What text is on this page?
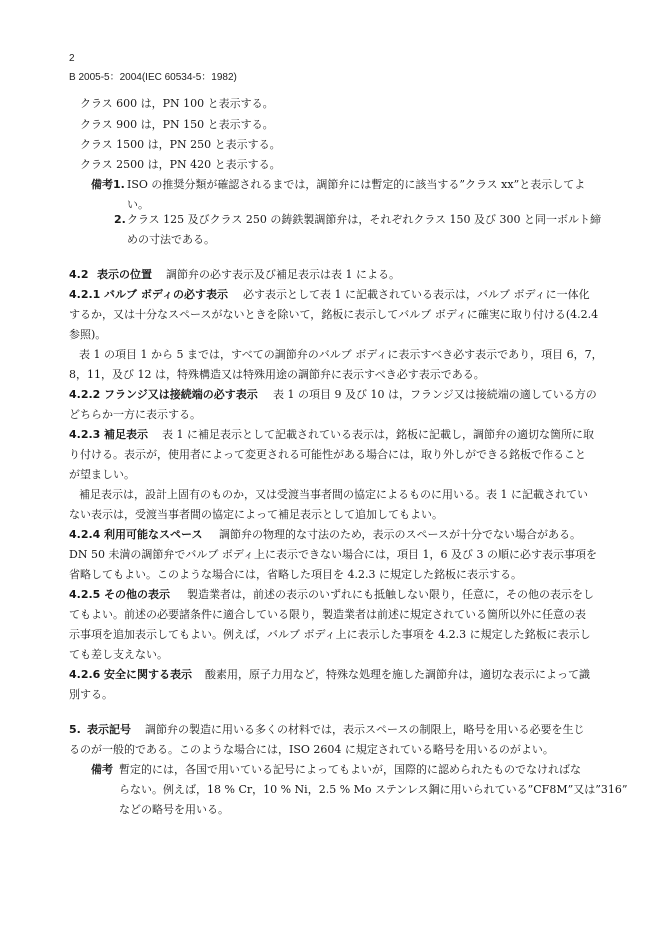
2
B 2005-5：2004(IEC 60534-5：1982)
クラス 600 は，PN 100 と表示する。
クラス 900 は，PN 150 と表示する。
クラス 1500 は，PN 250 と表示する。
クラス 2500 は，PN 420 と表示する。
備考1. ISO の推奨分類が確認されるまでは，調節弁には暫定的に該当する”クラス xx”と表示してよ
い。
2. クラス 125 及びクラス 250 の鋳鉄製調節弁は，それぞれクラス 150 及び 300 と同一ボルト締
めの寸法である。
4.2 表示の位置 調節弁の必す表示及び補足表示は表 1 による。
4.2.1 バルブ ボディの必す表示 必す表示として表 1 に記載されている表示は，バルブ ボディに一体化
するか，又は十分なスペースがないときを除いて，銘板に表示してバルブ ボディに確実に取り付ける(4.2.4
参照)。
表 1 の項目 1 から 5 までは，すべての調節弁のバルブ ボディに表示すべき必す表示であり，項目 6，7，
8，11，及び 12 は，特殊構造又は特殊用途の調節弁に表示すべき必す表示である。
4.2.2 フランジ又は接続端の必す表示 表 1 の項目 9 及び 10 は，フランジ又は接続端の適している方の
どちらか一方に表示する。
4.2.3 補足表示 表 1 に補足表示として記載されている表示は，銘板に記載し，調節弁の適切な箇所に取
り付ける。表示が，使用者によって変更される可能性がある場合には，取り外しができる銘板で作ること
が望ましい。
補足表示は，設計上固有のものか，又は受渡当事者間の協定によるものに用いる。表 1 に記載されてい
ない表示は，受渡当事者間の協定によって補足表示として追加してもよい。
4.2.4 利用可能なスペース 調節弁の物理的な寸法のため，表示のスペースが十分でない場合がある。
DN 50 未満の調節弁でバルブ ボディ上に表示できない場合には，項目 1，6 及び 3 の順に必す表示事項を
省略してもよい。このような場合には，省略した項目を 4.2.3 に規定した銘板に表示する。
4.2.5 その他の表示 製造業者は，前述の表示のいずれにも抵触しない限り，任意に，その他の表示をし
てもよい。前述の必要諸条件に適合している限り，製造業者は前述に規定されている箇所以外に任意の表
示事項を追加表示してもよい。例えば，バルブ ボディ上に表示した事項を 4.2.3 に規定した銘板に表示し
ても差し支えない。
4.2.6 安全に関する表示 酸素用，原子力用など，特殊な処理を施した調節弁は，適切な表示によって識
別する。
5. 表示記号 調節弁の製造に用いる多くの材料では，表示スペースの制限上，略号を用いる必要を生じ
るのが一般的である。このような場合には，ISO 2604 に規定されている略号を用いるのがよい。
備考 暫定的には，各国で用いている記号によってもよいが，国際的に認められたものでなければな
らない。例えば，18 % Cr，10 % Ni，2.5 % Mo ステンレス鋼に用いられている”CF8M”又は”316”
などの略号を用いる。
